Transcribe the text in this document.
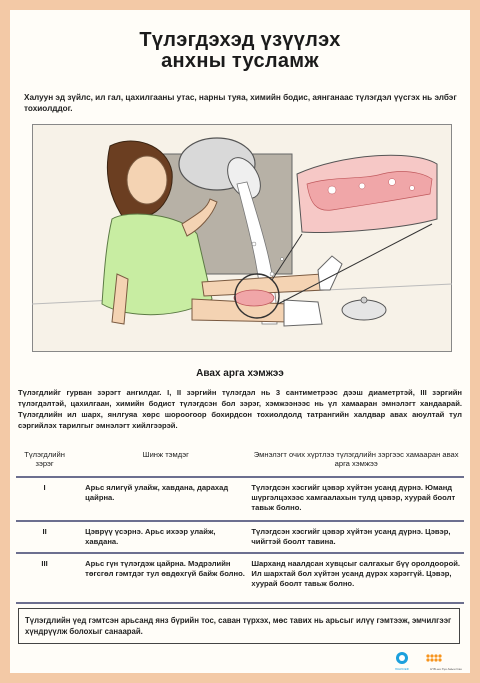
Түлэгдэхэд үзүүлэх
анхны тусламж
Халуун эд зүйлс, ил гал, цахилгааны утас, нарны туяа, химийн бодис, аянганаас түлэгдэл үүсгэх нь элбэг тохиолддог.
Авах арга хэмжээ
Түлэгдлийг гурван зэрэгт ангилдаг. I, II зэргийн түлэгдэл нь 3 сантиметрээс дээш диаметртэй, III зэргийн түлэгдэлтэй, цахилгаан, химийн бодист түлэгдсэн бол зэрэг, хэмжээнээс нь үл хамааран эмнэлэгт хандаарай. Түлэгдлийн ил шарх, янлгуяа хөрс шороогоор бохирдсон тохиолдолд татрангийн халдвар авах аюултай тул сэргийлэх тарилгыг эмнэлэгт хийлгээрэй.
Түлэгдлийн зэрэг	Шинж тэмдэг	Эмнэлэгт очих хүртлээ түлэгдлийн зэргээс хамааран авах арга хэмжээ
I	Арьс ялигүй улайж, хавдана, дарахад цайрна.	Түлэгдсэн хэсгийг цэвэр хүйтэн усанд дүрнэ. Юманд шүргэлцэхээс хамгаалахын тулд цэвэр, хуурай боолт тавьж болно.
II	Цэврүү үсэрнэ. Арьс ихээр улайж, хавдана.	Түлэгдсэн хэсгийг цэвэр хүйтэн усанд дүрнэ. Цэвэр, чийгтэй боолт тавина.
III	Арьс гүн түлэгдэж цайрна. Мэдрэлийн төгсгөл гэмтдэг тул өвдөхгүй байж болно.	Шарханд наалдсан хувцсыг салгахыг бүү оролдоорой. Ил шархтай бол хүйтэн усанд дүрэх хэрэггүй. Цэвэр, хуурай боолт тавьж болно.
Түлэгдлийн үед гэмтсэн арьсанд янз бүрийн тос, саван түрхэх, мөс тавих нь арьсыг илүү гэмтээж, эмчилгээг хүндрүүлж болохыг санаарай.
ЮНИСЕФ	НҮБ-ын Хүн Амын Сан
